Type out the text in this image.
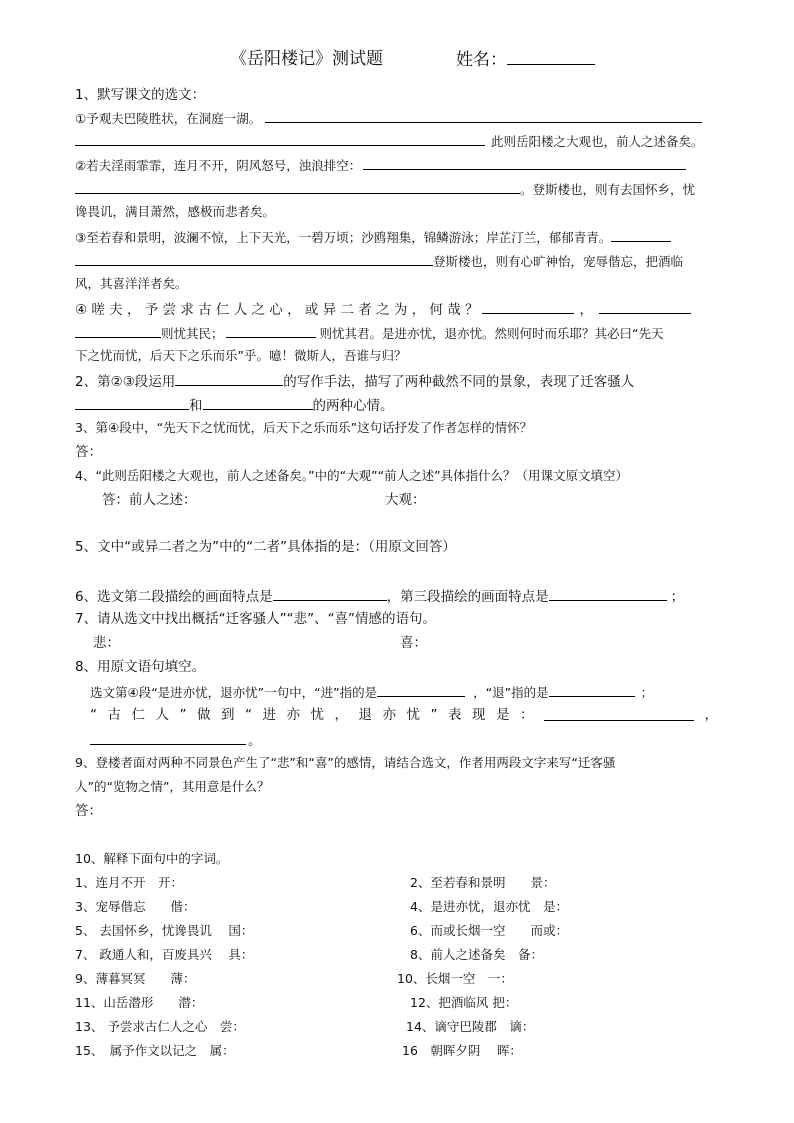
《岳阳楼记》测试题	姓名：
1、默写课文的选文：
①予观夫巴陵胜状，在洞庭一湖。
此则岳阳楼之大观也，前人之述备矣。
②若夫淫雨霏霏，连月不开，阴风怒号，浊浪排空：
。登斯楼也，则有去国怀乡，忧
谗畏讥，满目萧然，感极而悲者矣。
③至若春和景明，波澜不惊，上下天光，一碧万顷；沙鸥翔集，锦鳞游泳；岸芷汀兰，郁郁青青。
登斯楼也，则有心旷神怡，宠辱偕忘，把酒临
风，其喜洋洋者矣。
④ 嗟 夫 ， 予 尝 求 古 仁 人 之 心 ， 或 异 二 者 之 为 ， 何 哉 ？	，
则忧其民；	则忧其君。是进亦忧，退亦忧。然则何时而乐耶？其必曰“先天
下之忧而忧，后天下之乐而乐”乎。噫！微斯人，吾谁与归？
2、第②③段运用	的写作手法，描写了两种截然不同的景象，表现了迁客骚人
和	的两种心情。
3、第④段中，“先天下之忧而忧，后天下之乐而乐”这句话抒发了作者怎样的情怀？
答：
4、“此则岳阳楼之大观也，前人之述备矣。”中的“大观”“前人之述”具体指什么？（用课文原文填空）
答：前人之述：	大观：
5、文中“或异二者之为”中的“二者”具体指的是：（用原文回答）
6、选文第二段描绘的画面特点是	，第三段描绘的画面特点是	；
7、请从选文中找出概括“迁客骚人”“悲”、“喜”情感的语句。
悲：	喜：
8、用原文语句填空。
选文第④段“是进亦忧，退亦忧”一句中，“进”指的是	，“退”指的是	；
“ 古 仁 人 ” 做 到 “ 进 亦 忧 ， 退 亦 忧 ” 表 现 是 ：	，
。
9、登楼者面对两种不同景色产生了“悲”和“喜”的感情，请结合选文，作者用两段文字来写“迁客骚
人”的“览物之情”，其用意是什么？
答：
10、解释下面句中的字词。
1、连月不开　开：	2、至若春和景明　　景：
3、宠辱偕忘　　偕：	4、是进亦忧，退亦忧　是：
5、 去国怀乡，忧谗畏讥　 国：	6、而或长烟一空　　而或：
7、 政通人和，百废具兴　 具：	8、前人之述备矣　备：
9、薄暮冥冥　　薄：	10、长烟一空　一：
11、山岳潜形　　潜：	12、把酒临风 把：
13、 予尝求古仁人之心　尝：	14、谪守巴陵郡　谪：
15、　属予作文以记之　属：	16　朝晖夕阴　 晖：
